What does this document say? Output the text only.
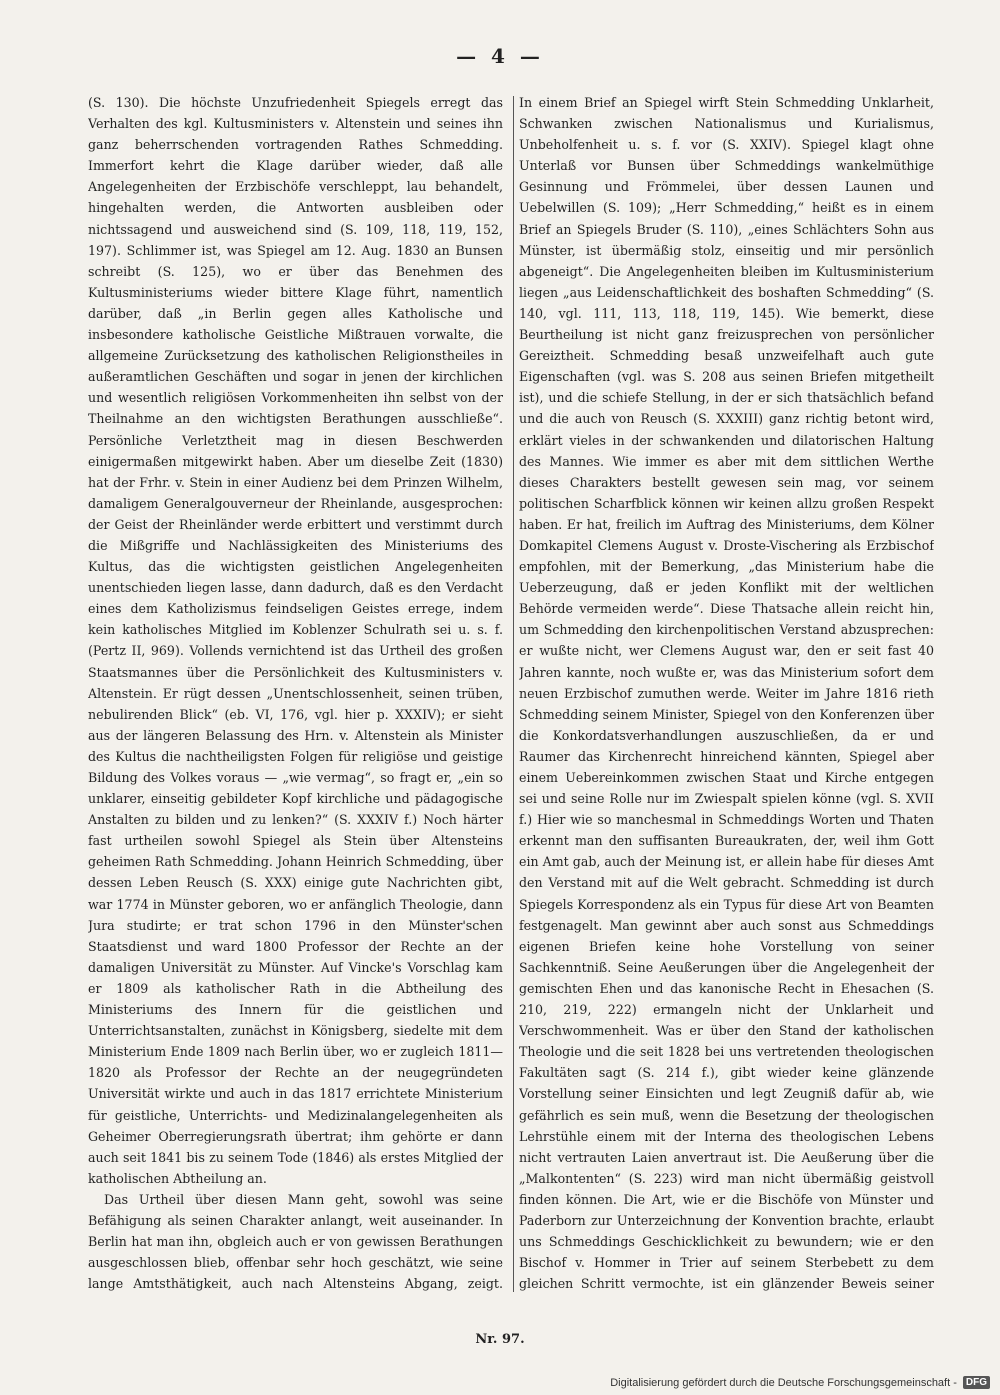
— 4 —

(S. 130). Die höchste Unzufriedenheit Spiegels erregt das Verhalten des kgl. Kultusministers v. Altenstein und seines ihn ganz beherrschenden vortragenden Rathes Schmedding. Immerfort kehrt die Klage darüber wieder, daß alle Angelegenheiten der Erzbischöfe verschleppt, lau behandelt, hingehalten werden, die Antworten ausbleiben oder nichtssagend und ausweichend sind (S. 109, 118, 119, 152, 197). Schlimmer ist, was Spiegel am 12. Aug. 1830 an Bunsen schreibt (S. 125), wo er über das Benehmen des Kultusministeriums wieder bittere Klage führt, namentlich darüber, daß „in Berlin gegen alles Katholische und insbesondere katholische Geistliche Mißtrauen vorwalte, die allgemeine Zurücksetzung des katholischen Religionstheiles in außeramtlichen Geschäften und sogar in jenen der kirchlichen und wesentlich religiösen Vorkommenheiten ihn selbst von der Theilnahme an den wichtigsten Berathungen ausschließe“. Persönliche Verletztheit mag in diesen Beschwerden einigermaßen mitgewirkt haben. Aber um dieselbe Zeit (1830) hat der Frhr. v. Stein in einer Audienz bei dem Prinzen Wilhelm, damaligem Generalgouverneur der Rheinlande, ausgesprochen: der Geist der Rheinländer werde erbittert und verstimmt durch die Mißgriffe und Nachlässigkeiten des Ministeriums des Kultus, das die wichtigsten geistlichen Angelegenheiten unentschieden liegen lasse, dann dadurch, daß es den Verdacht eines dem Katholizismus feindseligen Geistes errege, indem kein katholisches Mitglied im Koblenzer Schulrath sei u. s. f. (Pertz II, 969). Vollends vernichtend ist das Urtheil des großen Staatsmannes über die Persönlichkeit des Kultusministers v. Altenstein. Er rügt dessen „Unentschlossenheit, seinen trüben, nebulirenden Blick“ (eb. VI, 176, vgl. hier p. XXXIV); er sieht aus der längeren Belassung des Hrn. v. Altenstein als Minister des Kultus die nachtheiligsten Folgen für religiöse und geistige Bildung des Volkes voraus — „wie vermag“, so fragt er, „ein so unklarer, einseitig gebildeter Kopf kirchliche und pädagogische Anstalten zu bilden und zu lenken?“ (S. XXXIV f.) Noch härter fast urtheilen sowohl Spiegel als Stein über Altensteins geheimen Rath Schmedding. Johann Heinrich Schmedding, über dessen Leben Reusch (S. XXX) einige gute Nachrichten gibt, war 1774 in Münster geboren, wo er anfänglich Theologie, dann Jura studirte; er trat schon 1796 in den Münster'schen Staatsdienst und ward 1800 Professor der Rechte an der damaligen Universität zu Münster. Auf Vincke's Vorschlag kam er 1809 als katholischer Rath in die Abtheilung des Ministeriums des Innern für die geistlichen und Unterrichtsanstalten, zunächst in Königsberg, siedelte mit dem Ministerium Ende 1809 nach Berlin über, wo er zugleich 1811—1820 als Professor der Rechte an der neugegründeten Universität wirkte und auch in das 1817 errichtete Ministerium für geistliche, Unterrichts- und Medizinalangelegenheiten als Geheimer Oberregierungsrath übertrat; ihm gehörte er dann auch seit 1841 bis zu seinem Tode (1846) als erstes Mitglied der katholischen Abtheilung an.

Das Urtheil über diesen Mann geht, sowohl was seine Befähigung als seinen Charakter anlangt, weit auseinander. In Berlin hat man ihn, obgleich auch er von gewissen Berathungen ausgeschlossen blieb, offenbar sehr hoch geschätzt, wie seine lange Amtsthätigkeit, auch nach Altensteins Abgang, zeigt.

In einem Brief an Spiegel wirft Stein Schmedding Unklarheit, Schwanken zwischen Nationalismus und Kurialismus, Unbeholfenheit u. s. f. vor (S. XXIV). Spiegel klagt ohne Unterlaß vor Bunsen über Schmeddings wankelmüthige Gesinnung und Frömmelei, über dessen Launen und Uebelwillen (S. 109); „Herr Schmedding,“ heißt es in einem Brief an Spiegels Bruder (S. 110), „eines Schlächters Sohn aus Münster, ist übermäßig stolz, einseitig und mir persönlich abgeneigt“. Die Angelegenheiten bleiben im Kultusministerium liegen „aus Leidenschaftlichkeit des boshaften Schmedding“ (S. 140, vgl. 111, 113, 118, 119, 145). Wie bemerkt, diese Beurtheilung ist nicht ganz freizusprechen von persönlicher Gereiztheit. Schmedding besaß unzweifelhaft auch gute Eigenschaften (vgl. was S. 208 aus seinen Briefen mitgetheilt ist), und die schiefe Stellung, in der er sich thatsächlich befand und die auch von Reusch (S. XXXIII) ganz richtig betont wird, erklärt vieles in der schwankenden und dilatorischen Haltung des Mannes. Wie immer es aber mit dem sittlichen Werthe dieses Charakters bestellt gewesen sein mag, vor seinem politischen Scharfblick können wir keinen allzu großen Respekt haben. Er hat, freilich im Auftrag des Ministeriums, dem Kölner Domkapitel Clemens August v. Droste-Vischering als Erzbischof empfohlen, mit der Bemerkung, „das Ministerium habe die Ueberzeugung, daß er jeden Konflikt mit der weltlichen Behörde vermeiden werde“. Diese Thatsache allein reicht hin, um Schmedding den kirchenpolitischen Verstand abzusprechen: er wußte nicht, wer Clemens August war, den er seit fast 40 Jahren kannte, noch wußte er, was das Ministerium sofort dem neuen Erzbischof zumuthen werde. Weiter im Jahre 1816 rieth Schmedding seinem Minister, Spiegel von den Konferenzen über die Konkordatsverhandlungen auszuschließen, da er und Raumer das Kirchenrecht hinreichend kännten, Spiegel aber einem Uebereinkommen zwischen Staat und Kirche entgegen sei und seine Rolle nur im Zwiespalt spielen könne (vgl. S. XVII f.) Hier wie so manchesmal in Schmeddings Worten und Thaten erkennt man den suffisanten Bureaukraten, der, weil ihm Gott ein Amt gab, auch der Meinung ist, er allein habe für dieses Amt den Verstand mit auf die Welt gebracht. Schmedding ist durch Spiegels Korrespondenz als ein Typus für diese Art von Beamten festgenagelt. Man gewinnt aber auch sonst aus Schmeddings eigenen Briefen keine hohe Vorstellung von seiner Sachkenntniß. Seine Aeußerungen über die Angelegenheit der gemischten Ehen und das kanonische Recht in Ehesachen (S. 210, 219, 222) ermangeln nicht der Unklarheit und Verschwommenheit. Was er über den Stand der katholischen Theologie und die seit 1828 bei uns vertretenden theologischen Fakultäten sagt (S. 214 f.), gibt wieder keine glänzende Vorstellung seiner Einsichten und legt Zeugniß dafür ab, wie gefährlich es sein muß, wenn die Besetzung der theologischen Lehrstühle einem mit der Interna des theologischen Lebens nicht vertrauten Laien anvertraut ist. Die Aeußerung über die „Malkontenten“ (S. 223) wird man nicht übermäßig geistvoll finden können. Die Art, wie er die Bischöfe von Münster und Paderborn zur Unterzeichnung der Konvention brachte, erlaubt uns Schmeddings Geschicklichkeit zu bewundern; wie er den Bischof v. Hommer in Trier auf seinem Sterbebett zu dem gleichen Schritt vermochte, ist ein glänzender Beweis seiner

Nr. 97.
Digitalisierung gefördert durch die Deutsche Forschungsgemeinschaft - DFG
